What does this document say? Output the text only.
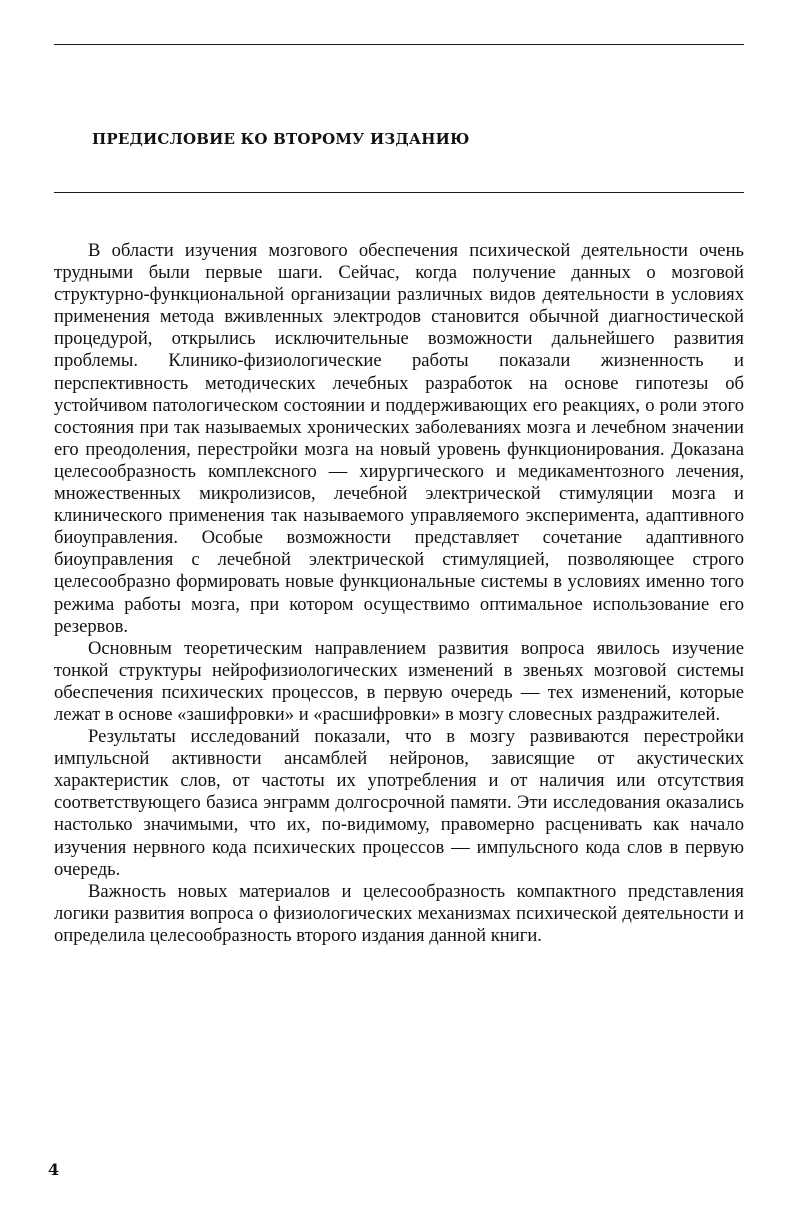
ПРЕДИСЛОВИЕ КО ВТОРОМУ ИЗДАНИЮ

В области изучения мозгового обеспечения психической деятельности очень трудными были первые шаги. Сейчас, когда получение данных о мозговой структурно-функциональной организации различных видов деятельности в условиях применения метода вживленных электродов становится обычной диагностической процедурой, открылись исключительные возможности дальнейшего развития проблемы. Клинико-физиологические работы показали жизненность и перспективность методических лечебных разработок на основе гипотезы об устойчивом патологическом состоянии и поддерживающих его реакциях, о роли этого состояния при так называемых хронических заболеваниях мозга и лечебном значении его преодоления, перестройки мозга на новый уровень функционирования. Доказана целесообразность комплексного — хирургического и медикаментозного лечения, множественных микролизисов, лечебной электрической стимуляции мозга и клинического применения так называемого управляемого эксперимента, адаптивного биоуправления. Особые возможности представляет сочетание адаптивного биоуправления с лечебной электрической стимуляцией, позволяющее строго целесообразно формировать новые функциональные системы в условиях именно того режима работы мозга, при котором осуществимо оптимальное использование его резервов.

Основным теоретическим направлением развития вопроса явилось изучение тонкой структуры нейрофизиологических изменений в звеньях мозговой системы обеспечения психических процессов, в первую очередь — тех изменений, которые лежат в основе «зашифровки» и «расшифровки» в мозгу словесных раздражителей.

Результаты исследований показали, что в мозгу развиваются перестройки импульсной активности ансамблей нейронов, зависящие от акустических характеристик слов, от частоты их употребления и от наличия или отсутствия соответствующего базиса энграмм долгосрочной памяти. Эти исследования оказались настолько значимыми, что их, по-видимому, правомерно расценивать как начало изучения нервного кода психических процессов — импульсного кода слов в первую очередь.

Важность новых материалов и целесообразность компактного представления логики развития вопроса о физиологических механизмах психической деятельности и определила целесообразность второго издания данной книги.

4
